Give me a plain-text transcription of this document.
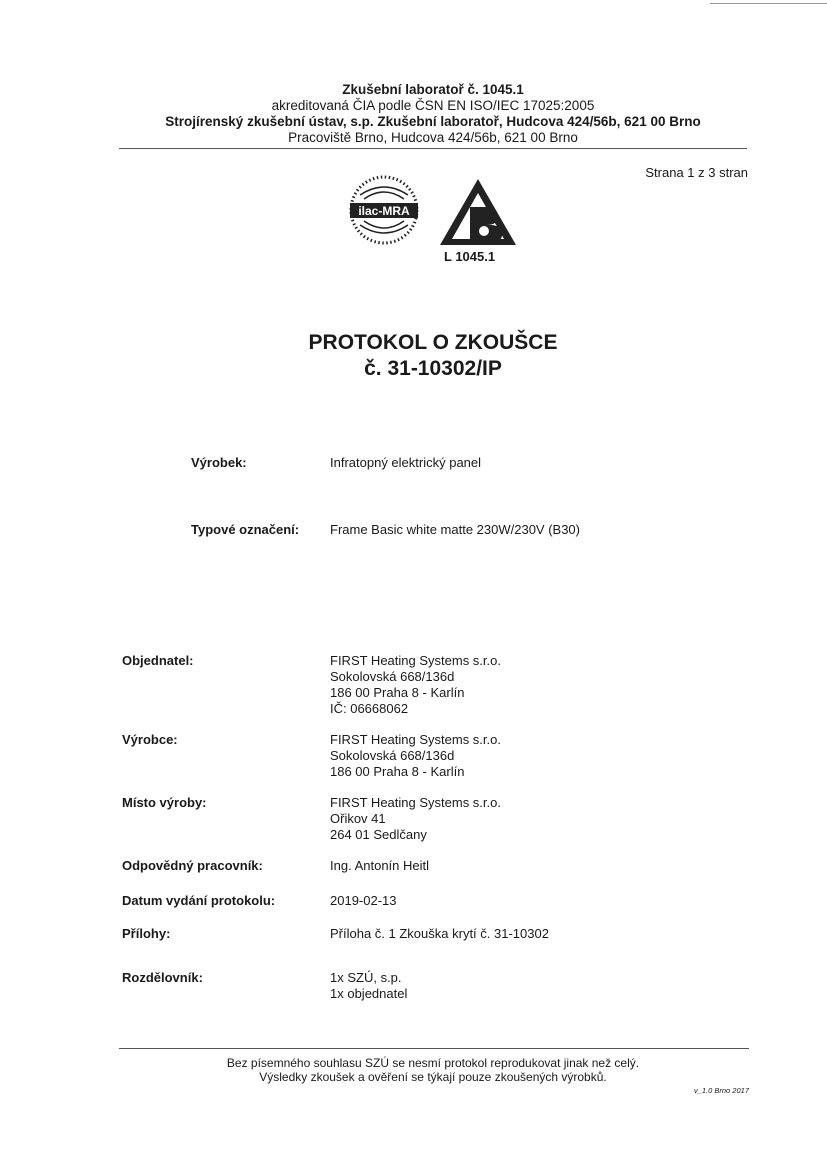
Zkušební laboratoř č. 1045.1
akreditovaná ČIA podle ČSN EN ISO/IEC 17025:2005
Strojírenský zkušební ústav, s.p. Zkušební laboratoř, Hudcova 424/56b, 621 00 Brno
Pracoviště Brno, Hudcova 424/56b, 621 00 Brno
Strana 1 z 3 stran
ilac-MRA
L 1045.1
PROTOKOL O ZKOUŠCE
č. 31-10302/IP
Výrobek:	Infratopný elektrický panel
Typové označení: Frame Basic white matte 230W/230V (B30)
Objednatel:	FIRST Heating Systems s.r.o.
Sokolovská 668/136d
186 00 Praha 8 - Karlín
IČ: 06668062
Výrobce:	FIRST Heating Systems s.r.o.
Sokolovská 668/136d
186 00 Praha 8 - Karlín
Místo výroby:	FIRST Heating Systems s.r.o.
Ořikov 41
264 01 Sedlčany
Odpovědný pracovník:	Ing. Antonín Heitl
Datum vydání protokolu:	2019-02-13
Přílohy:	Příloha č. 1 Zkouška krytí č. 31-10302
Rozdělovník:	1x SZÚ, s.p.
1x objednatel
Bez písemného souhlasu SZÚ se nesmí protokol reprodukovat jinak než celý.
Výsledky zkoušek a ověření se týkají pouze zkoušených výrobků.
v_1.0 Brno 2017
